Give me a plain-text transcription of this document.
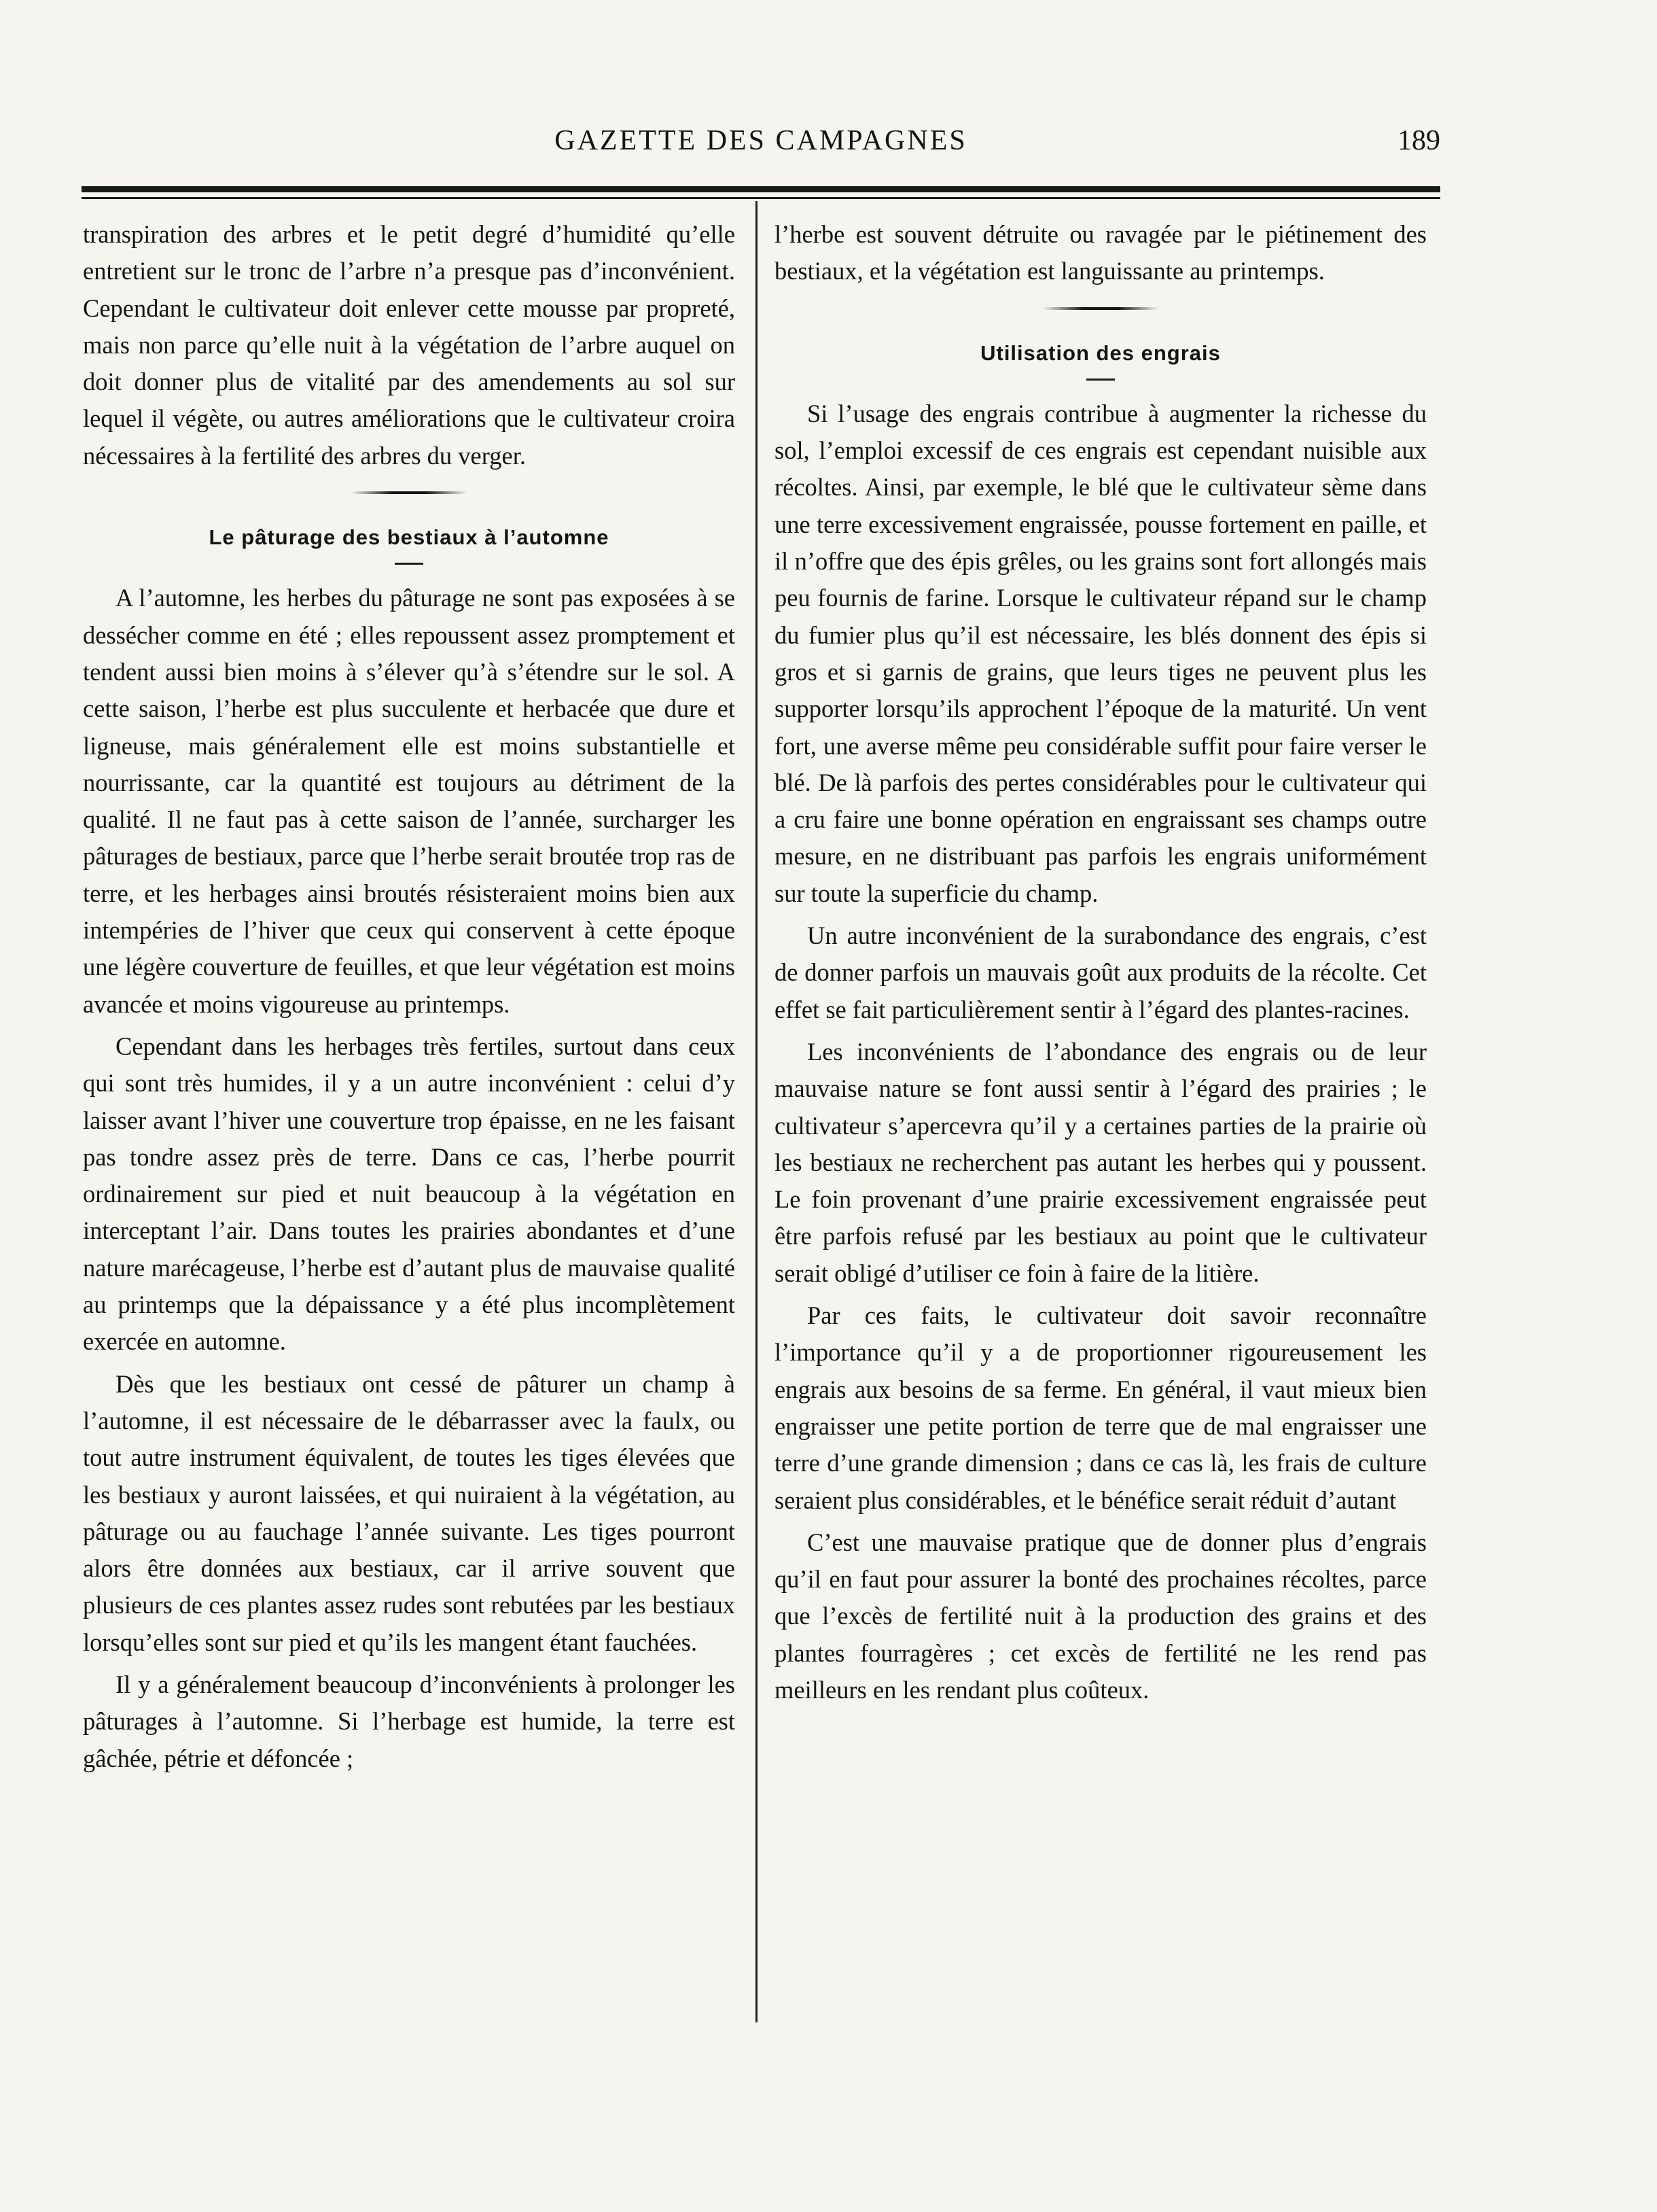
GAZETTE DES CAMPAGNES	189

transpiration des arbres et le petit degré d’humidité qu’elle entretient sur le tronc de l’arbre n’a presque pas d’inconvénient. Cependant le cultivateur doit enlever cette mousse par propreté, mais non parce qu’elle nuit à la végétation de l’arbre auquel on doit donner plus de vitalité par des amendements au sol sur lequel il végète, ou autres améliorations que le cultivateur croira nécessaires à la fertilité des arbres du verger.

Le pâturage des bestiaux à l’automne

A l’automne, les herbes du pâturage ne sont pas exposées à se dessécher comme en été ; elles repoussent assez promptement et tendent aussi bien moins à s’élever qu’à s’étendre sur le sol. A cette saison, l’herbe est plus succulente et herbacée que dure et ligneuse, mais généralement elle est moins substantielle et nourrissante, car la quantité est toujours au détriment de la qualité. Il ne faut pas à cette saison de l’année, surcharger les pâturages de bestiaux, parce que l’herbe serait broutée trop ras de terre, et les herbages ainsi broutés résisteraient moins bien aux intempéries de l’hiver que ceux qui conservent à cette époque une légère couverture de feuilles, et que leur végétation est moins avancée et moins vigoureuse au printemps.

Cependant dans les herbages très fertiles, surtout dans ceux qui sont très humides, il y a un autre inconvénient : celui d’y laisser avant l’hiver une couverture trop épaisse, en ne les faisant pas tondre assez près de terre. Dans ce cas, l’herbe pourrit ordinairement sur pied et nuit beaucoup à la végétation en interceptant l’air. Dans toutes les prairies abondantes et d’une nature marécageuse, l’herbe est d’autant plus de mauvaise qualité au printemps que la dépaissance y a été plus incomplètement exercée en automne.

Dès que les bestiaux ont cessé de pâturer un champ à l’automne, il est nécessaire de le débarrasser avec la faulx, ou tout autre instrument équivalent, de toutes les tiges élevées que les bestiaux y auront laissées, et qui nuiraient à la végétation, au pâturage ou au fauchage l’année suivante. Les tiges pourront alors être données aux bestiaux, car il arrive souvent que plusieurs de ces plantes assez rudes sont rebutées par les bestiaux lorsqu’elles sont sur pied et qu’ils les mangent étant fauchées.

Il y a généralement beaucoup d’inconvénients à prolonger les pâturages à l’automne. Si l’herbage est humide, la terre est gâchée, pétrie et défoncée ;

l’herbe est souvent détruite ou ravagée par le piétinement des bestiaux, et la végétation est languissante au printemps.

Utilisation des engrais

Si l’usage des engrais contribue à augmenter la richesse du sol, l’emploi excessif de ces engrais est cependant nuisible aux récoltes. Ainsi, par exemple, le blé que le cultivateur sème dans une terre excessivement engraissée, pousse fortement en paille, et il n’offre que des épis grêles, ou les grains sont fort allongés mais peu fournis de farine. Lorsque le cultivateur répand sur le champ du fumier plus qu’il est nécessaire, les blés donnent des épis si gros et si garnis de grains, que leurs tiges ne peuvent plus les supporter lorsqu’ils approchent l’époque de la maturité. Un vent fort, une averse même peu considérable suffit pour faire verser le blé. De là parfois des pertes considérables pour le cultivateur qui a cru faire une bonne opération en engraissant ses champs outre mesure, en ne distribuant pas parfois les engrais uniformément sur toute la superficie du champ.

Un autre inconvénient de la surabondance des engrais, c’est de donner parfois un mauvais goût aux produits de la récolte. Cet effet se fait particulièrement sentir à l’égard des plantes-racines.

Les inconvénients de l’abondance des engrais ou de leur mauvaise nature se font aussi sentir à l’égard des prairies ; le cultivateur s’apercevra qu’il y a certaines parties de la prairie où les bestiaux ne recherchent pas autant les herbes qui y poussent. Le foin provenant d’une prairie excessivement engraissée peut être parfois refusé par les bestiaux au point que le cultivateur serait obligé d’utiliser ce foin à faire de la litière.

Par ces faits, le cultivateur doit savoir reconnaître l’importance qu’il y a de proportionner rigoureusement les engrais aux besoins de sa ferme. En général, il vaut mieux bien engraisser une petite portion de terre que de mal engraisser une terre d’une grande dimension ; dans ce cas là, les frais de culture seraient plus considérables, et le bénéfice serait réduit d’autant

C’est une mauvaise pratique que de donner plus d’engrais qu’il en faut pour assurer la bonté des prochaines récoltes, parce que l’excès de fertilité nuit à la production des grains et des plantes fourragères ; cet excès de fertilité ne les rend pas meilleurs en les rendant plus coûteux.
